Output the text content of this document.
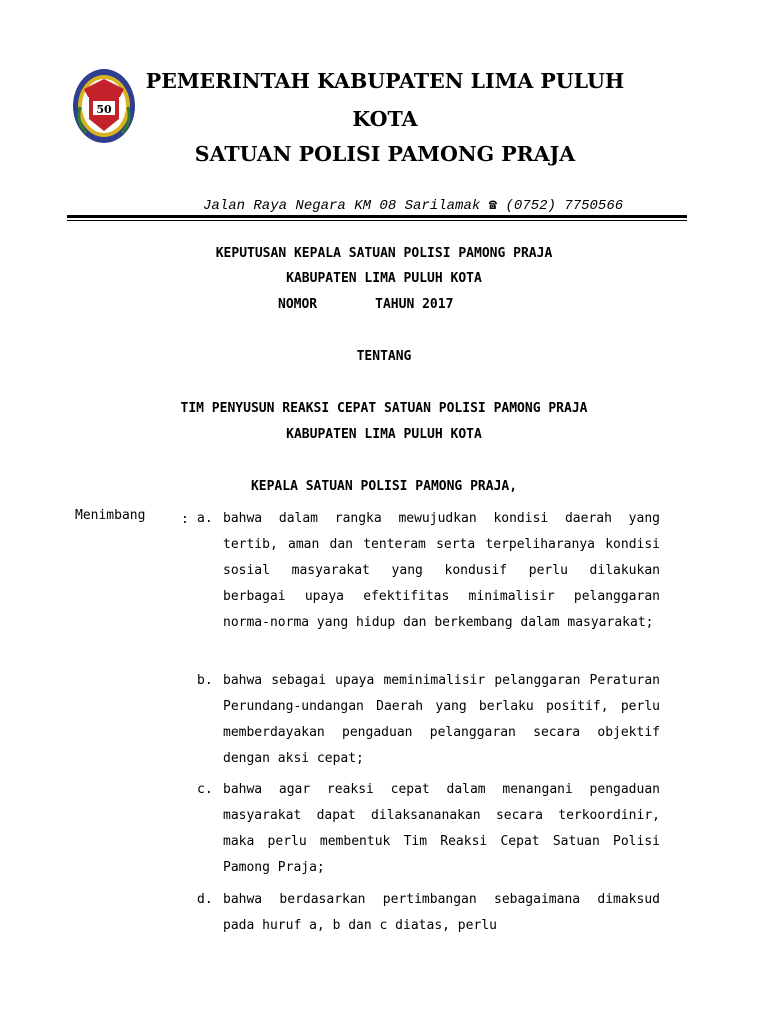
50
PEMERINTAH KABUPATEN LIMA PULUH
KOTA
SATUAN POLISI PAMONG PRAJA
Jalan Raya Negara KM 08 Sarilamak ☎ (0752) 7750566
KEPUTUSAN KEPALA SATUAN POLISI PAMONG PRAJA
KABUPATEN LIMA PULUH KOTA
NOMOR	TAHUN 2017
TENTANG
TIM PENYUSUN REAKSI CEPAT SATUAN POLISI PAMONG PRAJA
KABUPATEN LIMA PULUH KOTA
KEPALA SATUAN POLISI PAMONG PRAJA,
Menimbang	: a. bahwa dalam rangka mewujudkan kondisi daerah yang tertib, aman dan tenteram serta terpeliharanya kondisi sosial masyarakat yang kondusif perlu dilakukan berbagai upaya efektifitas minimalisir pelanggaran norma-norma yang hidup dan berkembang dalam masyarakat;
b. bahwa sebagai upaya meminimalisir pelanggaran Peraturan Perundang-undangan Daerah yang berlaku positif, perlu memberdayakan pengaduan pelanggaran secara objektif dengan aksi cepat;
c. bahwa agar reaksi cepat dalam menangani pengaduan masyarakat dapat dilaksananakan secara terkoordinir, maka perlu membentuk Tim Reaksi Cepat Satuan Polisi Pamong Praja;
d. bahwa berdasarkan pertimbangan sebagaimana dimaksud pada huruf a, b dan c diatas, perlu
